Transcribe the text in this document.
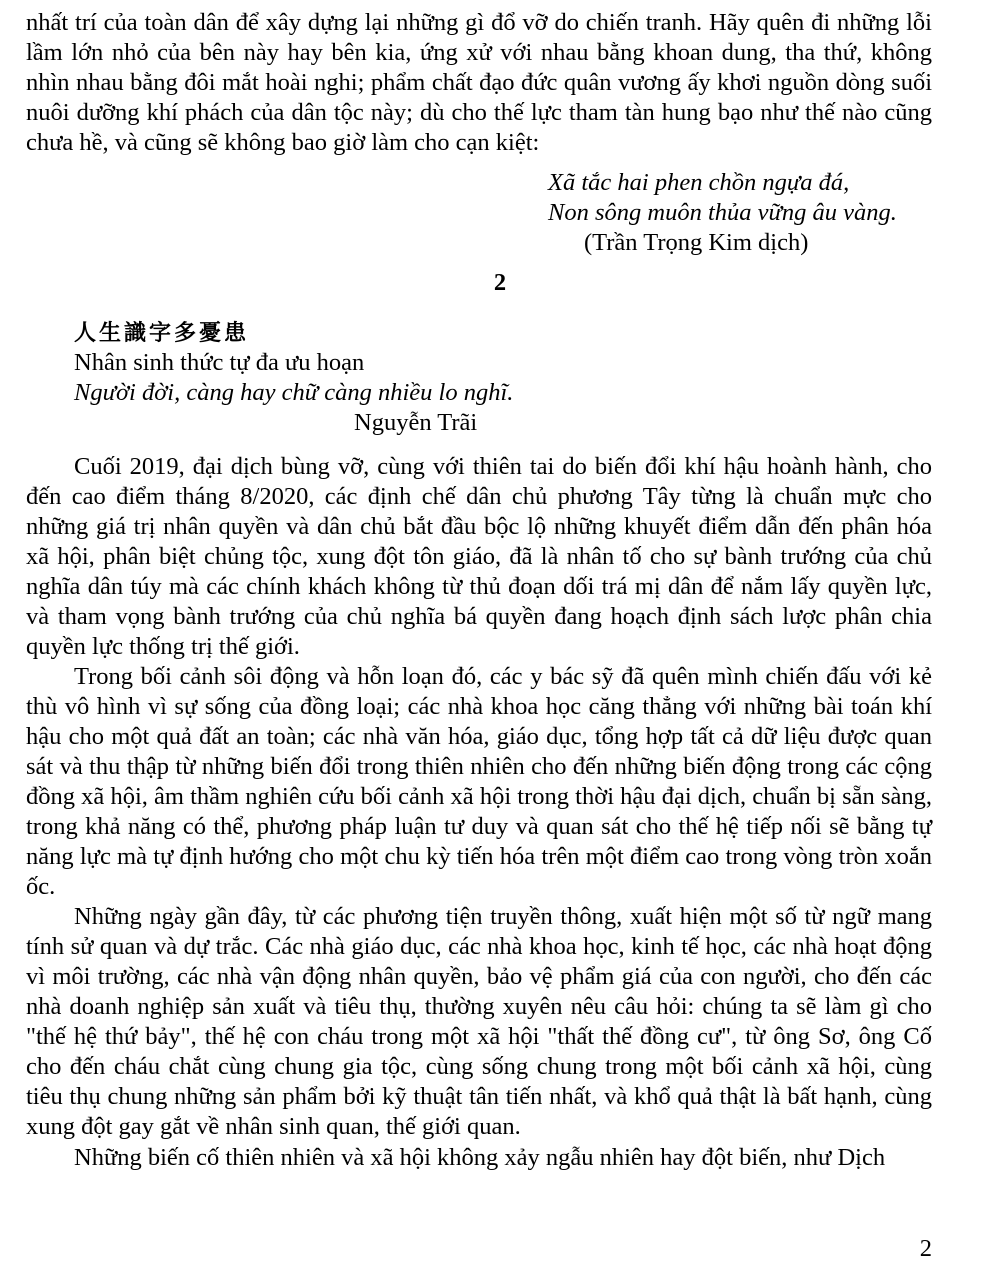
nhất trí của toàn dân để xây dựng lại những gì đổ vỡ do chiến tranh. Hãy quên đi những lỗi lầm lớn nhỏ của bên này hay bên kia, ứng xử với nhau bằng khoan dung, tha thứ, không nhìn nhau bằng đôi mắt hoài nghi; phẩm chất đạo đức quân vương ấy khơi nguồn dòng suối nuôi dưỡng khí phách của dân tộc này; dù cho thế lực tham tàn hung bạo như thế nào cũng chưa hề, và cũng sẽ không bao giờ làm cho cạn kiệt:

Xã tắc hai phen chồn ngựa đá,
Non sông muôn thủa vững âu vàng.
(Trần Trọng Kim dịch)
2
人生識字多憂患
Nhân sinh thức tự đa ưu hoạn
Người đời, càng hay chữ càng nhiều lo nghĩ.
Nguyễn Trãi

Cuối 2019, đại dịch bùng vỡ, cùng với thiên tai do biến đổi khí hậu hoành hành, cho đến cao điểm tháng 8/2020, các định chế dân chủ phương Tây từng là chuẩn mực cho những giá trị nhân quyền và dân chủ bắt đầu bộc lộ những khuyết điểm dẫn đến phân hóa xã hội, phân biệt chủng tộc, xung đột tôn giáo, đã là nhân tố cho sự bành trướng của chủ nghĩa dân túy mà các chính khách không từ thủ đoạn dối trá mị dân để nắm lấy quyền lực, và tham vọng bành trướng của chủ nghĩa bá quyền đang hoạch định sách lược phân chia quyền lực thống trị thế giới.

Trong bối cảnh sôi động và hỗn loạn đó, các y bác sỹ đã quên mình chiến đấu với kẻ thù vô hình vì sự sống của đồng loại; các nhà khoa học căng thẳng với những bài toán khí hậu cho một quả đất an toàn; các nhà văn hóa, giáo dục, tổng hợp tất cả dữ liệu được quan sát và thu thập từ những biến đổi trong thiên nhiên cho đến những biến động trong các cộng đồng xã hội, âm thầm nghiên cứu bối cảnh xã hội trong thời hậu đại dịch, chuẩn bị sẵn sàng, trong khả năng có thể, phương pháp luận tư duy và quan sát cho thế hệ tiếp nối sẽ bằng tự năng lực mà tự định hướng cho một chu kỳ tiến hóa trên một điểm cao trong vòng tròn xoắn ốc.

Những ngày gần đây, từ các phương tiện truyền thông, xuất hiện một số từ ngữ mang tính sử quan và dự trắc. Các nhà giáo dục, các nhà khoa học, kinh tế học, các nhà hoạt động vì môi trường, các nhà vận động nhân quyền, bảo vệ phẩm giá của con người, cho đến các nhà doanh nghiệp sản xuất và tiêu thụ, thường xuyên nêu câu hỏi: chúng ta sẽ làm gì cho "thế hệ thứ bảy", thế hệ con cháu trong một xã hội "thất thế đồng cư", từ ông Sơ, ông Cố cho đến cháu chắt cùng chung gia tộc, cùng sống chung trong một bối cảnh xã hội, cùng tiêu thụ chung những sản phẩm bởi kỹ thuật tân tiến nhất, và khổ quả thật là bất hạnh, cùng xung đột gay gắt về nhân sinh quan, thế giới quan.

Những biến cố thiên nhiên và xã hội không xảy ngẫu nhiên hay đột biến, như Dịch

2
